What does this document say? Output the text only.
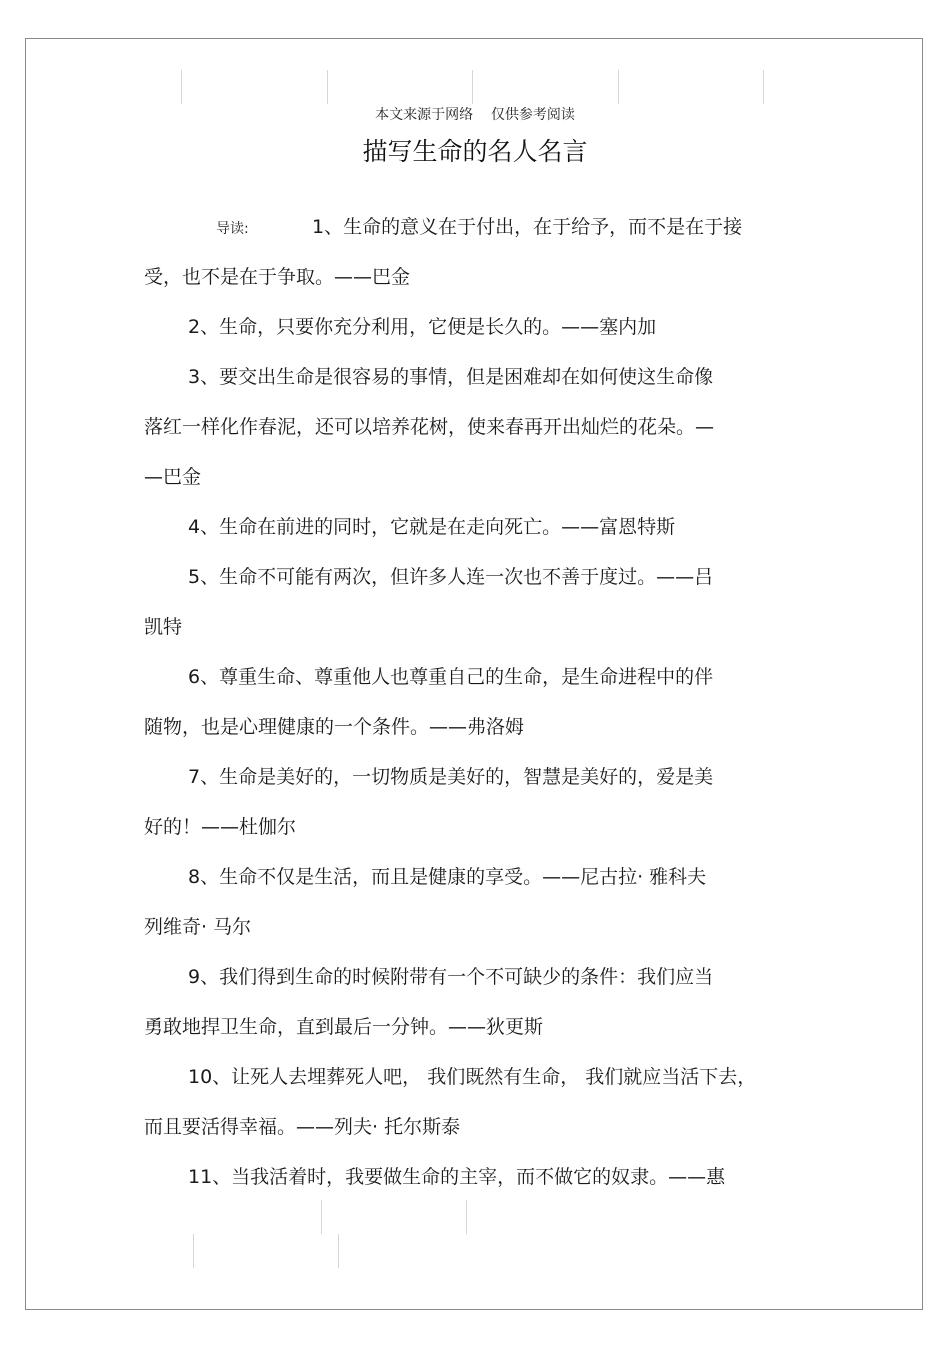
本文来源于网络    仅供参考阅读
描写生命的名人名言
导读:	1、生命的意义在于付出，在于给予，而不是在于接
受，也不是在于争取。——巴金
2、生命，只要你充分利用，它便是长久的。——塞内加
3、要交出生命是很容易的事情，但是困难却在如何使这生命像
落红一样化作春泥，还可以培养花树，使来春再开出灿烂的花朵。—
—巴金
4、生命在前进的同时，它就是在走向死亡。——富恩特斯
5、生命不可能有两次，但许多人连一次也不善于度过。——吕
凯特
6、尊重生命、尊重他人也尊重自己的生命，是生命进程中的伴
随物，也是心理健康的一个条件。——弗洛姆
7、生命是美好的，一切物质是美好的，智慧是美好的，爱是美
好的！——杜伽尔
8、生命不仅是生活，而且是健康的享受。——尼古拉· 雅科夫
列维奇· 马尔
9、我们得到生命的时候附带有一个不可缺少的条件：我们应当
勇敢地捍卫生命，直到最后一分钟。——狄更斯
10、让死人去埋葬死人吧， 我们既然有生命， 我们就应当活下去，
而且要活得幸福。——列夫· 托尔斯泰
11、当我活着时，我要做生命的主宰，而不做它的奴隶。——惠
